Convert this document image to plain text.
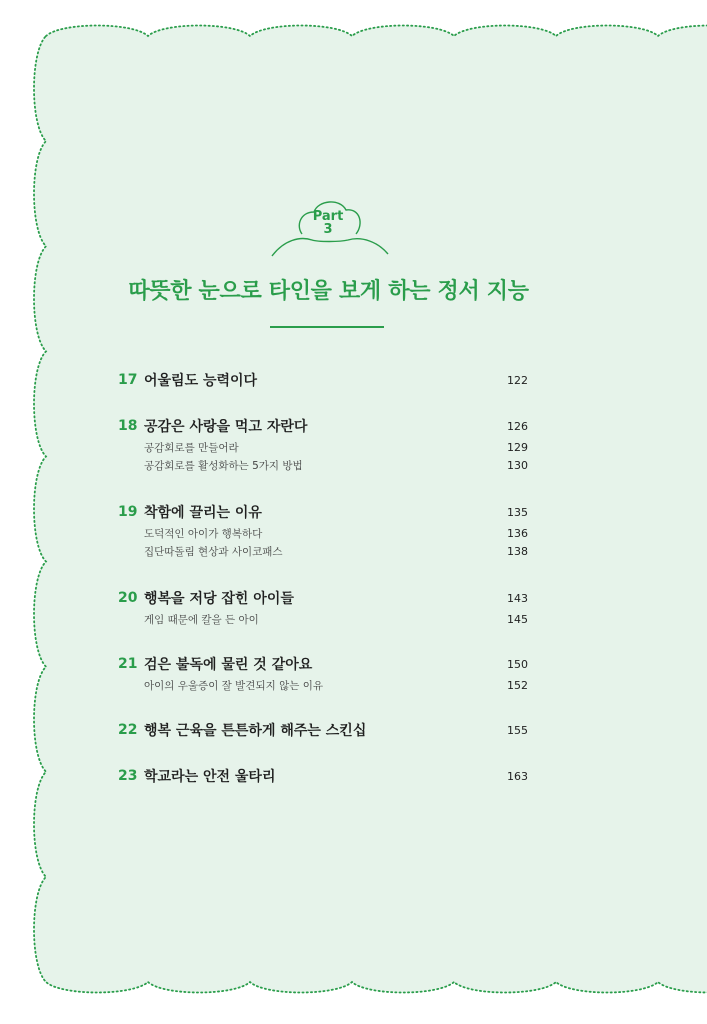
Part
3
따뜻한 눈으로 타인을 보게 하는 정서 지능
17 어울림도 능력이다	122
18 공감은 사랑을 먹고 자란다	126
공감회로를 만들어라	129
공감회로를 활성화하는 5가지 방법	130
19 착함에 끌리는 이유	135
도덕적인 아이가 행복하다	136
집단따돌림 현상과 사이코패스	138
20 행복을 저당 잡힌 아이들	143
게임 때문에 칼을 든 아이	145
21 검은 불독에 물린 것 같아요	150
아이의 우울증이 잘 발견되지 않는 이유	152
22 행복 근육을 튼튼하게 해주는 스킨십	155
23 학교라는 안전 울타리	163
